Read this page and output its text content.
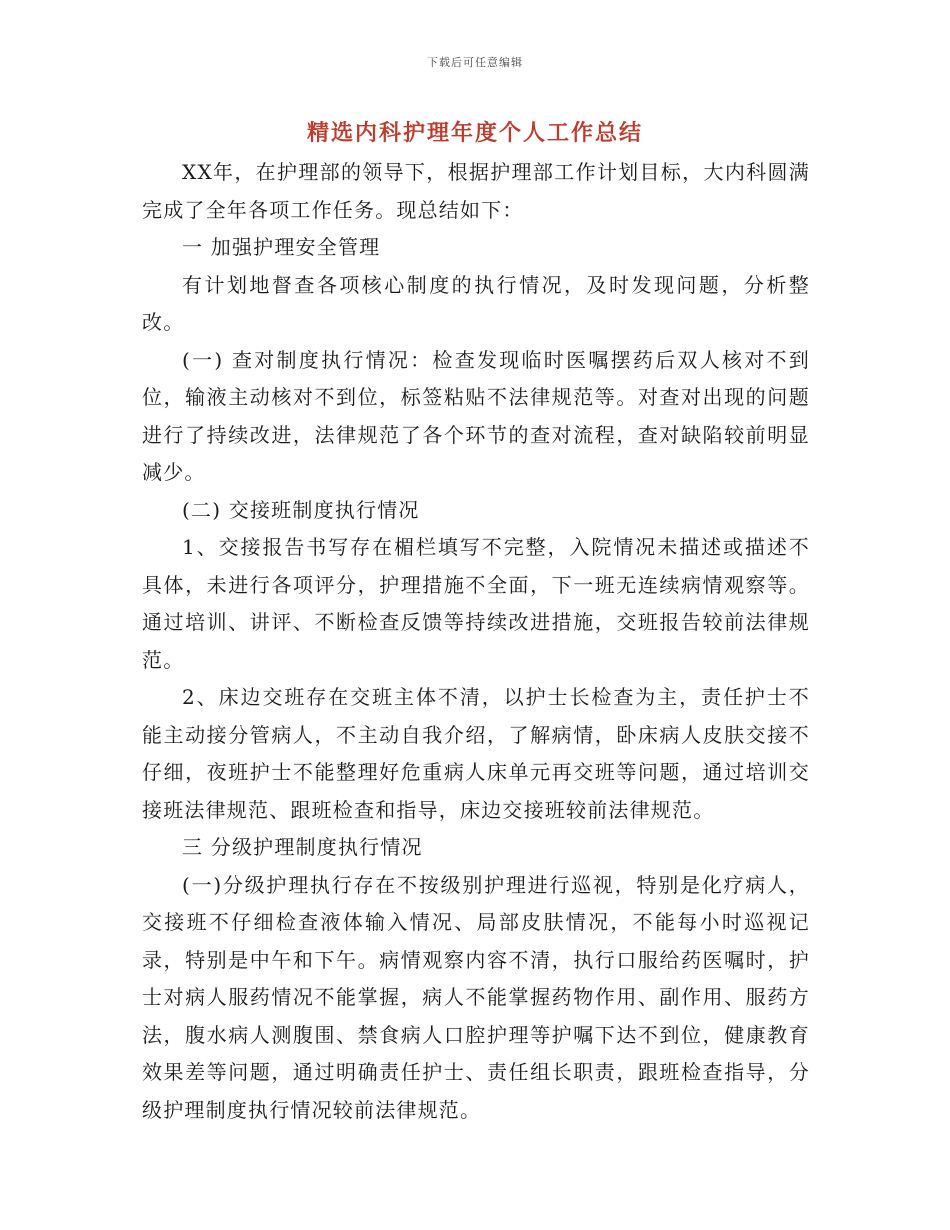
下载后可任意编辑
精选内科护理年度个人工作总结

XX年，在护理部的领导下，根据护理部工作计划目标，大内科圆满完成了全年各项工作任务。现总结如下：

一 加强护理安全管理

有计划地督查各项核心制度的执行情况，及时发现问题，分析整改。

(一) 查对制度执行情况：检查发现临时医嘱摆药后双人核对不到位，输液主动核对不到位，标签粘贴不法律规范等。对查对出现的问题进行了持续改进，法律规范了各个环节的查对流程，查对缺陷较前明显减少。

(二) 交接班制度执行情况

1、交接报告书写存在楣栏填写不完整，入院情况未描述或描述不具体，未进行各项评分，护理措施不全面，下一班无连续病情观察等。通过培训、讲评、不断检查反馈等持续改进措施，交班报告较前法律规范。

2、床边交班存在交班主体不清，以护士长检查为主，责任护士不能主动接分管病人，不主动自我介绍，了解病情，卧床病人皮肤交接不仔细，夜班护士不能整理好危重病人床单元再交班等问题，通过培训交接班法律规范、跟班检查和指导，床边交接班较前法律规范。

三 分级护理制度执行情况

(一)分级护理执行存在不按级别护理进行巡视，特别是化疗病人，交接班不仔细检查液体输入情况、局部皮肤情况，不能每小时巡视记录，特别是中午和下午。病情观察内容不清，执行口服给药医嘱时，护士对病人服药情况不能掌握，病人不能掌握药物作用、副作用、服药方法，腹水病人测腹围、禁食病人口腔护理等护嘱下达不到位，健康教育效果差等问题，通过明确责任护士、责任组长职责，跟班检查指导，分级护理制度执行情况较前法律规范。
